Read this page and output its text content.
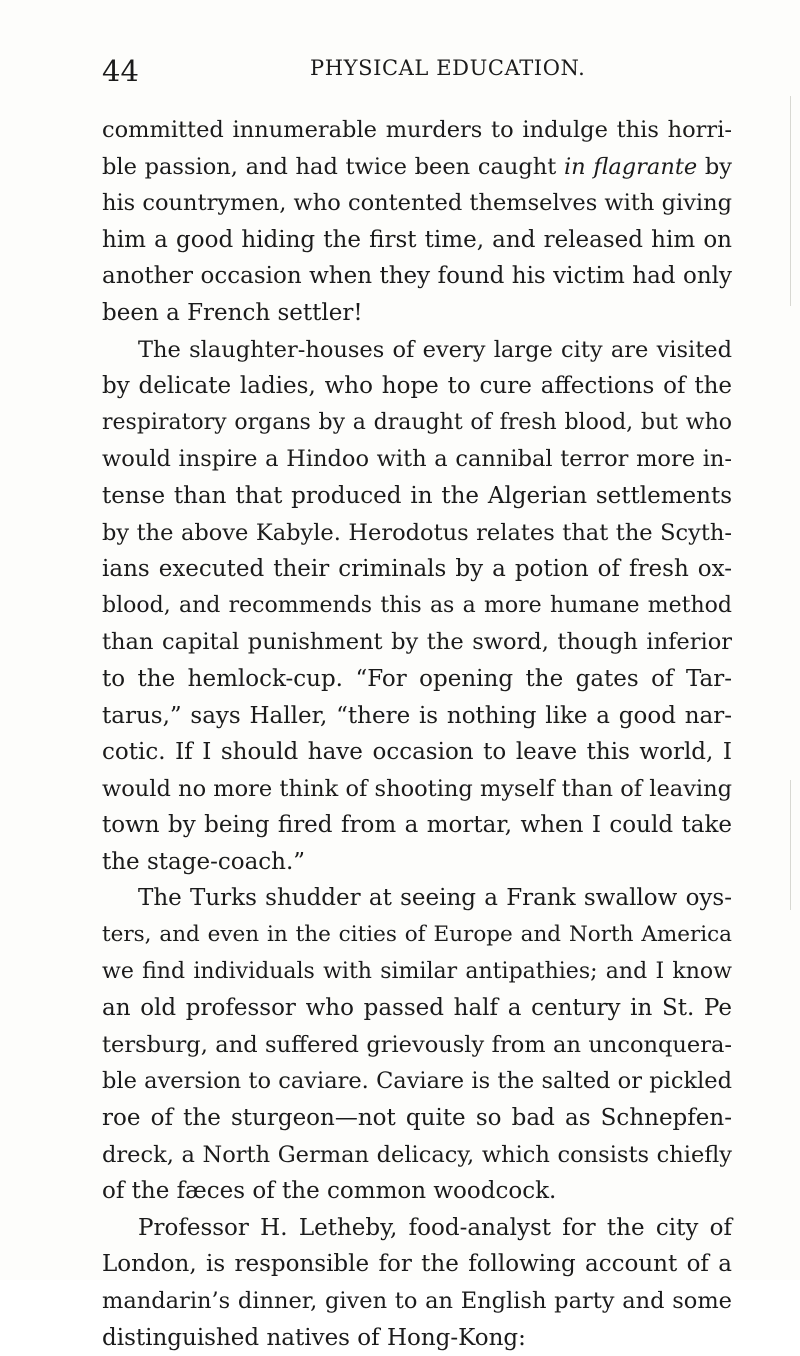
44	PHYSICAL EDUCATION.
committed innumerable murders to indulge this horri-
ble passion, and had twice been caught in flagrante by
his countrymen, who contented themselves with giving
him a good hiding the first time, and released him on
another occasion when they found his victim had only
been a French settler!
The slaughter-houses of every large city are visited
by delicate ladies, who hope to cure affections of the
respiratory organs by a draught of fresh blood, but who
would inspire a Hindoo with a cannibal terror more in-
tense than that produced in the Algerian settlements
by the above Kabyle. Herodotus relates that the Scyth-
ians executed their criminals by a potion of fresh ox-
blood, and recommends this as a more humane method
than capital punishment by the sword, though inferior
to the hemlock-cup. “For opening the gates of Tar-
tarus,” says Haller, “there is nothing like a good nar-
cotic. If I should have occasion to leave this world, I
would no more think of shooting myself than of leaving
town by being fired from a mortar, when I could take
the stage-coach.”
The Turks shudder at seeing a Frank swallow oys-
ters, and even in the cities of Europe and North America
we find individuals with similar antipathies; and I know
an old professor who passed half a century in St. Pe
tersburg, and suffered grievously from an unconquera-
ble aversion to caviare. Caviare is the salted or pickled
roe of the sturgeon—not quite so bad as Schnepfen-
dreck, a North German delicacy, which consists chiefly
of the fæces of the common woodcock.
Professor H. Letheby, food-analyst for the city of
London, is responsible for the following account of a
mandarin’s dinner, given to an English party and some
distinguished natives of Hong-Kong:
